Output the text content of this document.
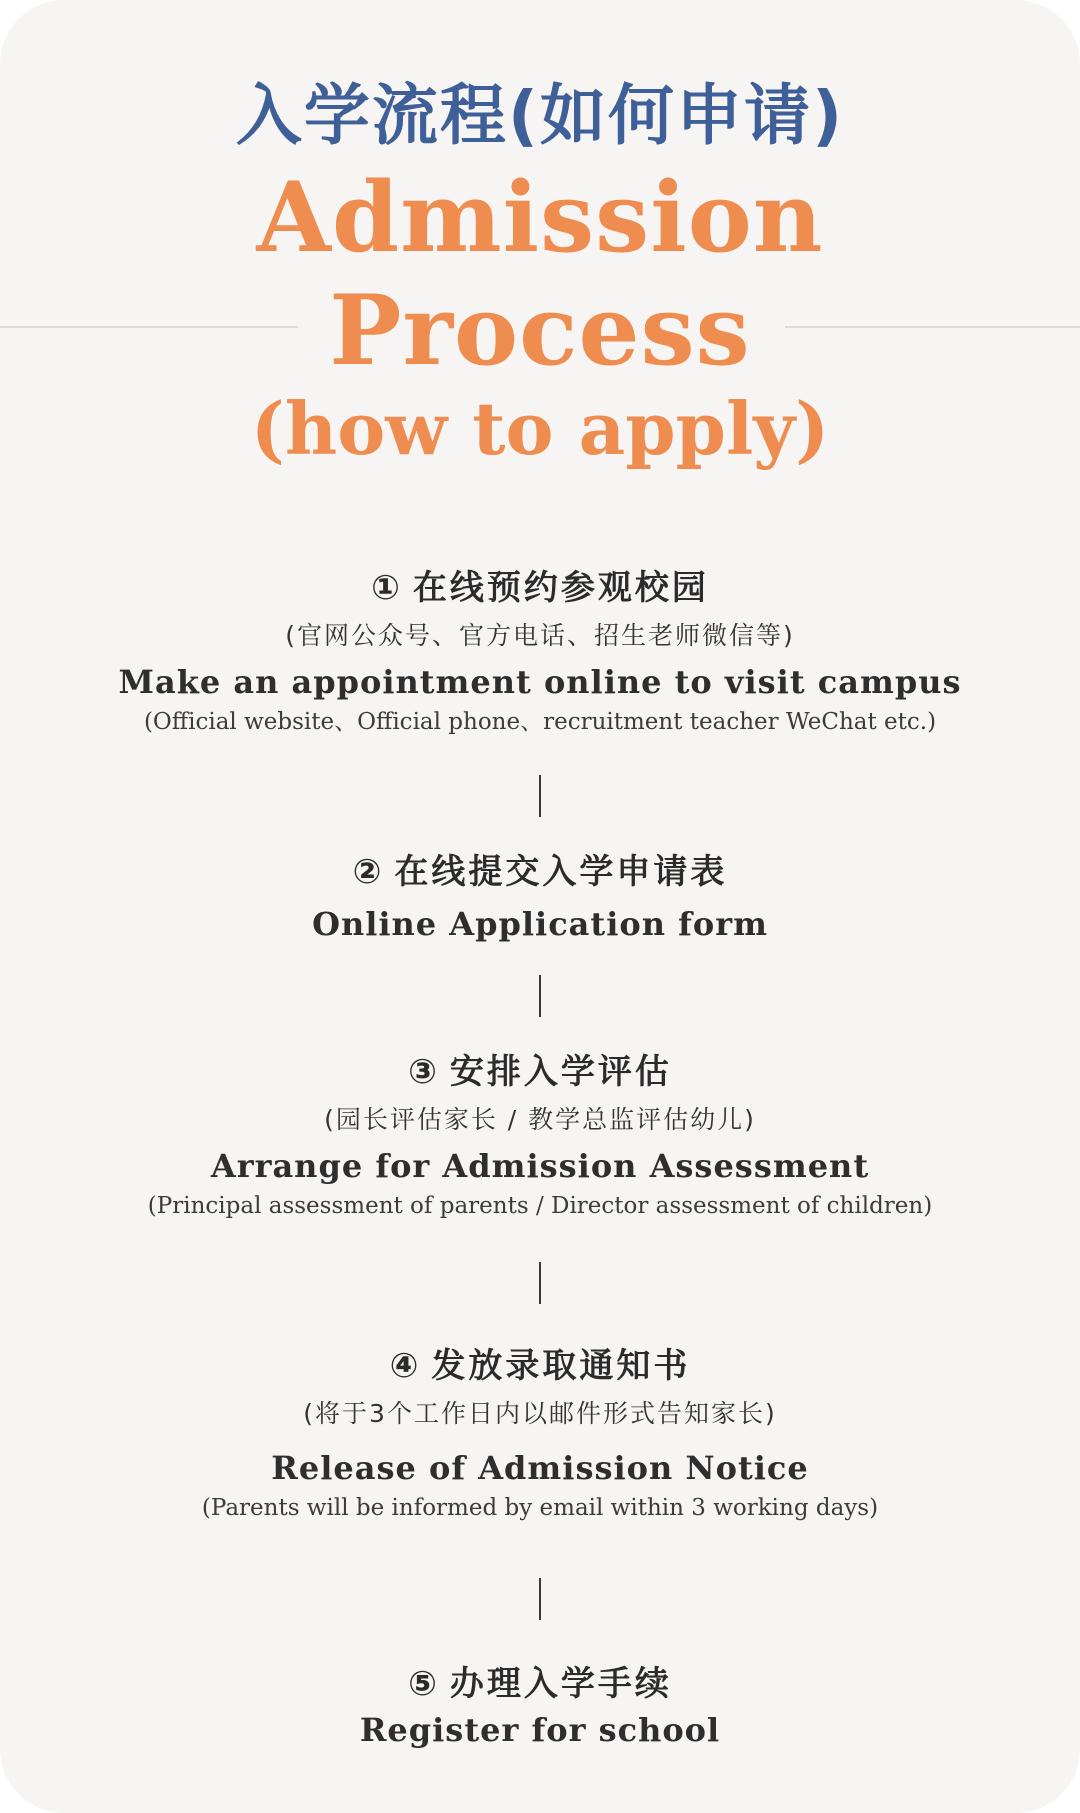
入学流程(如何申请)
Admission
Process
(how to apply)
① 在线预约参观校园
(官网公众号、官方电话、招生老师微信等)
Make an appointment online to visit campus
(Official website、Official phone、recruitment teacher WeChat etc.)
② 在线提交入学申请表
Online Application form
③ 安排入学评估
(园长评估家长 / 教学总监评估幼儿)
Arrange for Admission Assessment
(Principal assessment of parents / Director assessment of children)
④ 发放录取通知书
(将于3个工作日内以邮件形式告知家长)
Release of Admission Notice
(Parents will be informed by email within 3 working days)
⑤ 办理入学手续
Register for school
